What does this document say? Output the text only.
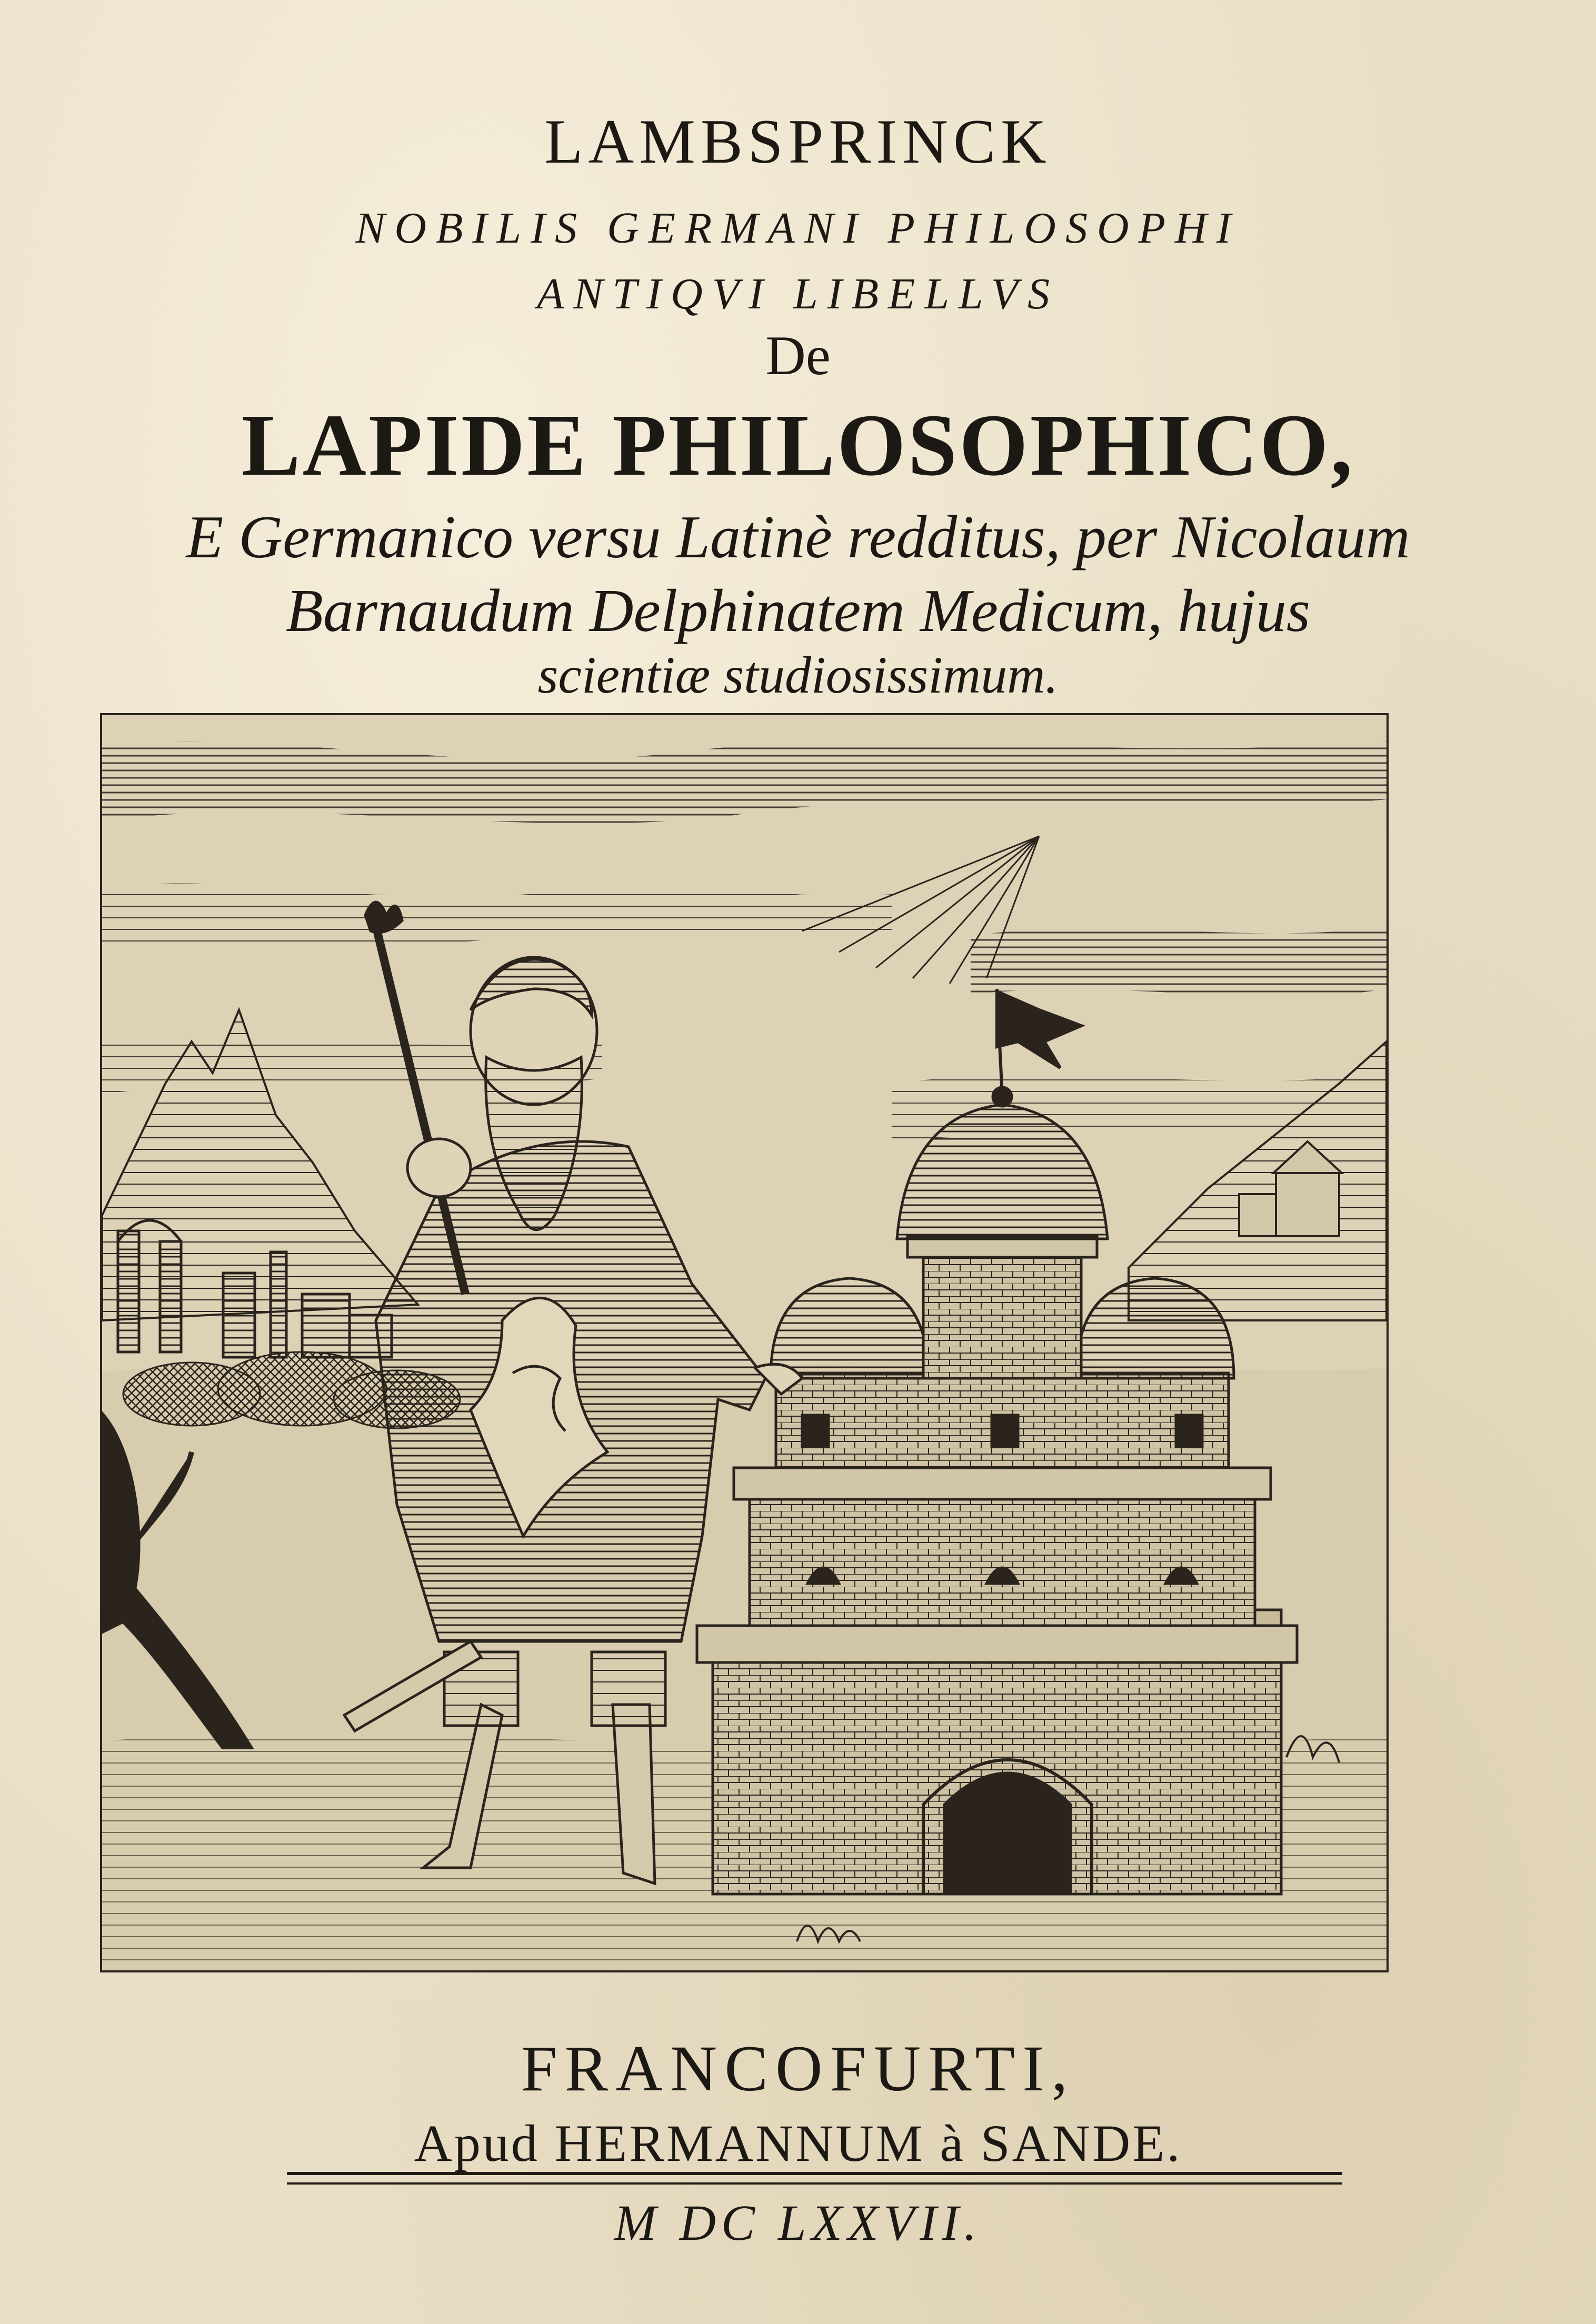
LAMBSPRINCK
NOBILIS GERMANI PHILOSOPHI
ANTIQVI LIBELLVS
De
LAPIDE PHILOSOPHICO,
E Germanico versu Latinè redditus, per Nicolaum
Barnaudum Delphinatem Medicum, hujus
scientiæ studiosissimum.
FRANCOFURTI,
Apud HERMANNUM à SANDE.
M DC LXXVII.
